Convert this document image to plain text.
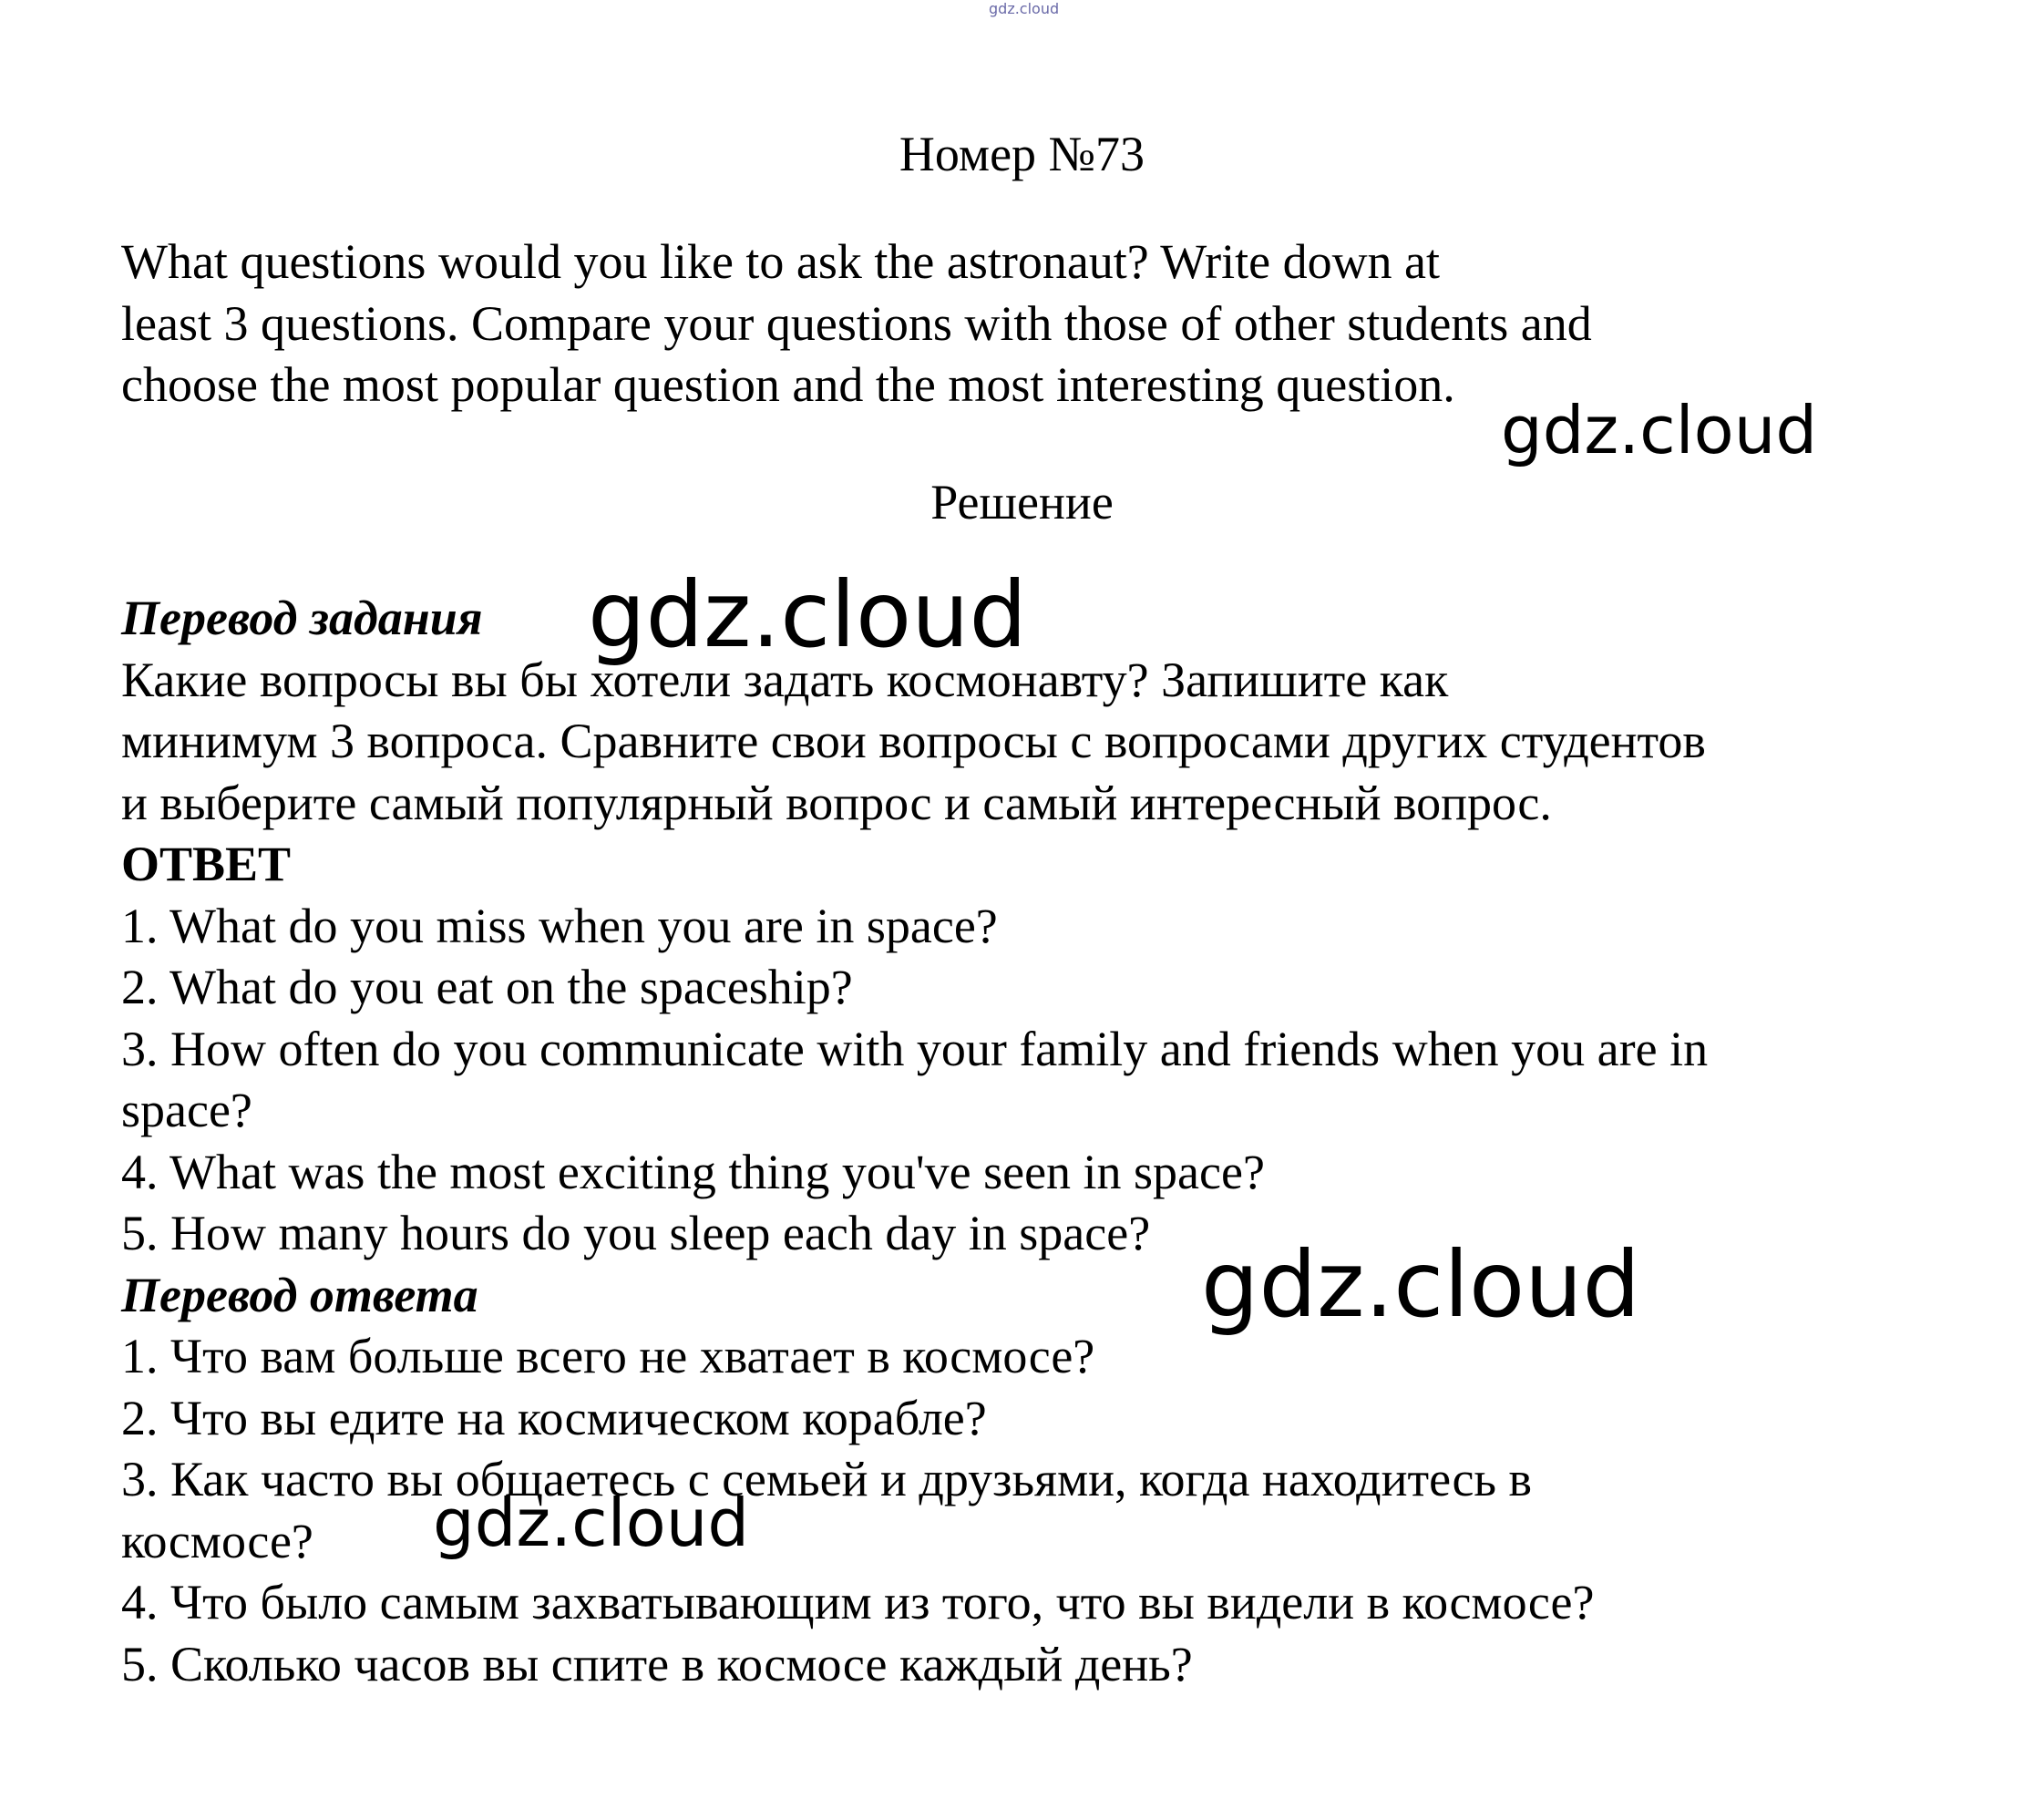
gdz.cloud
Номер №73
What questions would you like to ask the astronaut? Write down at
least 3 questions. Compare your questions with those of other students and
choose the most popular question and the most interesting question.
Решение
Перевод задания
Какие вопросы вы бы хотели задать космонавту? Запишите как
минимум 3 вопроса. Сравните свои вопросы с вопросами других студентов
и выберите самый популярный вопрос и самый интересный вопрос.
ОТВЕТ
1. What do you miss when you are in space?
2. What do you eat on the spaceship?
3. How often do you communicate with your family and friends when you are in
space?
4. What was the most exciting thing you've seen in space?
5. How many hours do you sleep each day in space?
Перевод ответа
1. Что вам больше всего не хватает в космосе?
2. Что вы едите на космическом корабле?
3. Как часто вы общаетесь с семьей и друзьями, когда находитесь в
космосе?
4. Что было самым захватывающим из того, что вы видели в космосе?
5. Сколько часов вы спите в космосе каждый день?
gdz.cloud
gdz.cloud
gdz.cloud
gdz.cloud
